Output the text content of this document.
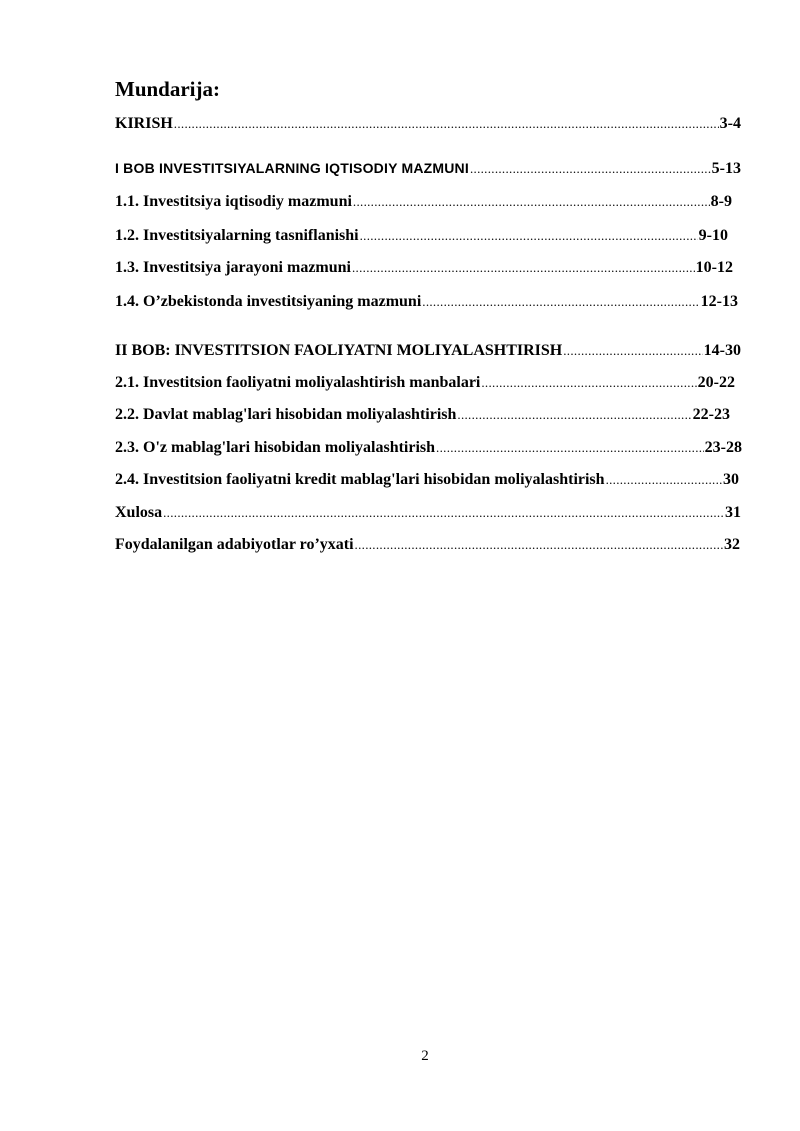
Mundarija:
KIRISH .....	3-4
I BOB INVESTITSIYALARNING IQTISODIY MAZMUNI .....	5-13
1.1. Investitsiya iqtisodiy mazmuni .....	8-9
1.2. Investitsiyalarning tasniflanishi .....	9-10
1.3. Investitsiya jarayoni mazmuni .....	10-12
1.4. O’zbekistonda investitsiyaning mazmuni .....	12-13
II BOB: INVESTITSION FAOLIYATNI MOLIYALASHTIRISH .....	14-30
2.1. Investitsion faoliyatni moliyalashtirish manbalari .....	20-22
2.2. Davlat mablag'lari hisobidan moliyalashtirish .....	22-23
2.3. O'z mablag'lari hisobidan moliyalashtirish .....	23-28
2.4. Investitsion faoliyatni kredit mablag'lari hisobidan moliyalashtirish .....	30
Xulosa .....	31
Foydalanilgan adabiyotlar ro’yxati .....	32
2
